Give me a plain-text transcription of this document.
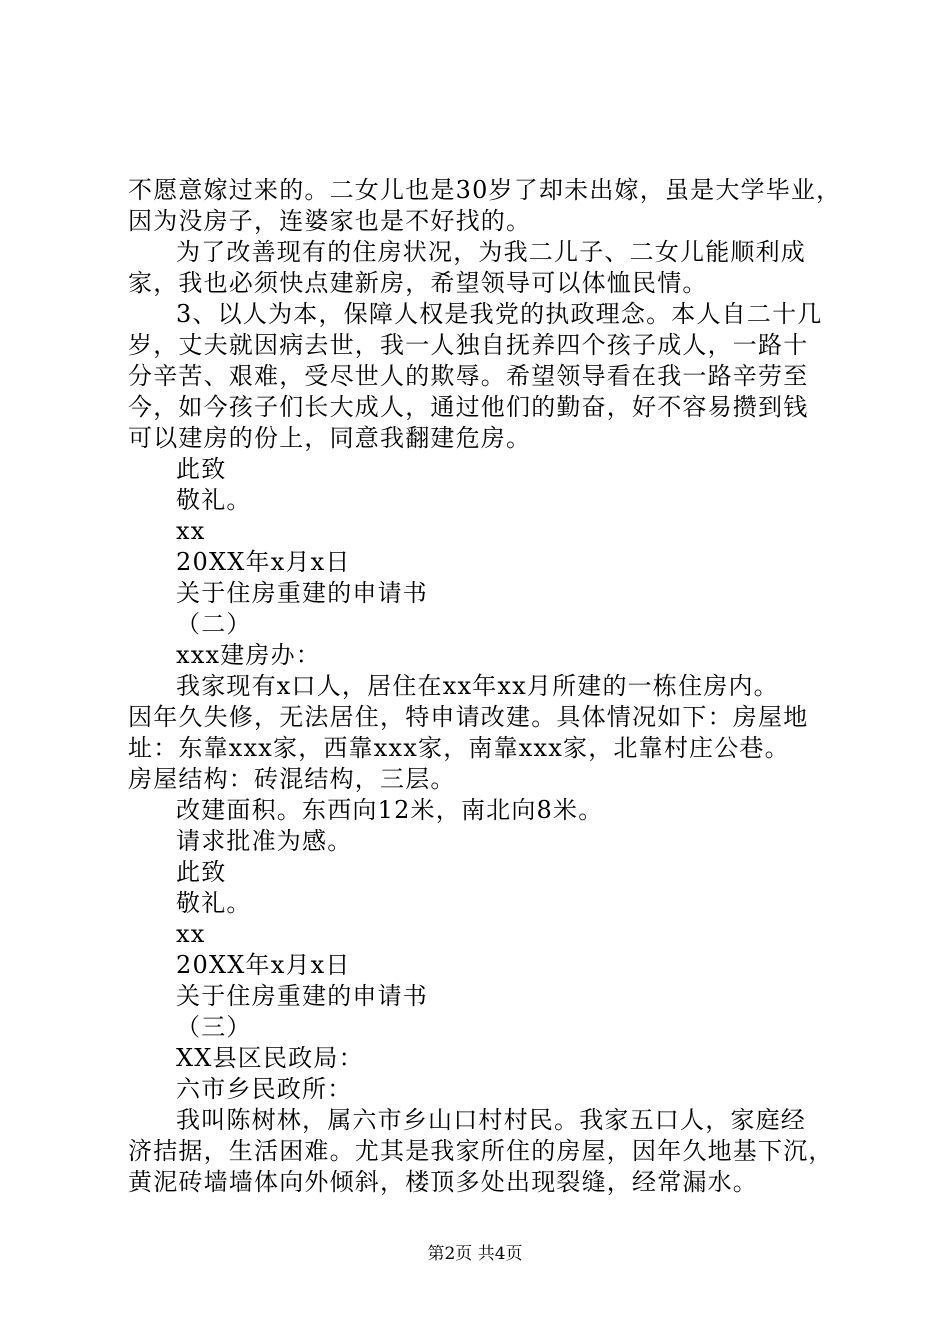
不愿意嫁过来的。二女儿也是30岁了却未出嫁，虽是大学毕业，
因为没房子，连婆家也是不好找的。
为了改善现有的住房状况，为我二儿子、二女儿能顺利成
家，我也必须快点建新房，希望领导可以体恤民情。
3、以人为本，保障人权是我党的执政理念。本人自二十几
岁，丈夫就因病去世，我一人独自抚养四个孩子成人，一路十
分辛苦、艰难，受尽世人的欺辱。希望领导看在我一路辛劳至
今，如今孩子们长大成人，通过他们的勤奋，好不容易攒到钱
可以建房的份上，同意我翻建危房。
此致
敬礼。
xx
20XX年x月x日
关于住房重建的申请书
（二）
xxx建房办：
我家现有x口人，居住在xx年xx月所建的一栋住房内。
因年久失修，无法居住，特申请改建。具体情况如下：房屋地
址：东靠xxx家，西靠xxx家，南靠xxx家，北靠村庄公巷。
房屋结构：砖混结构，三层。
改建面积。东西向12米，南北向8米。
请求批准为感。
此致
敬礼。
xx
20XX年x月x日
关于住房重建的申请书
（三）
XX县区民政局：
六市乡民政所：
我叫陈树林，属六市乡山口村村民。我家五口人，家庭经
济拮据，生活困难。尤其是我家所住的房屋，因年久地基下沉，
黄泥砖墙墙体向外倾斜，楼顶多处出现裂缝，经常漏水。
第2页 共4页
